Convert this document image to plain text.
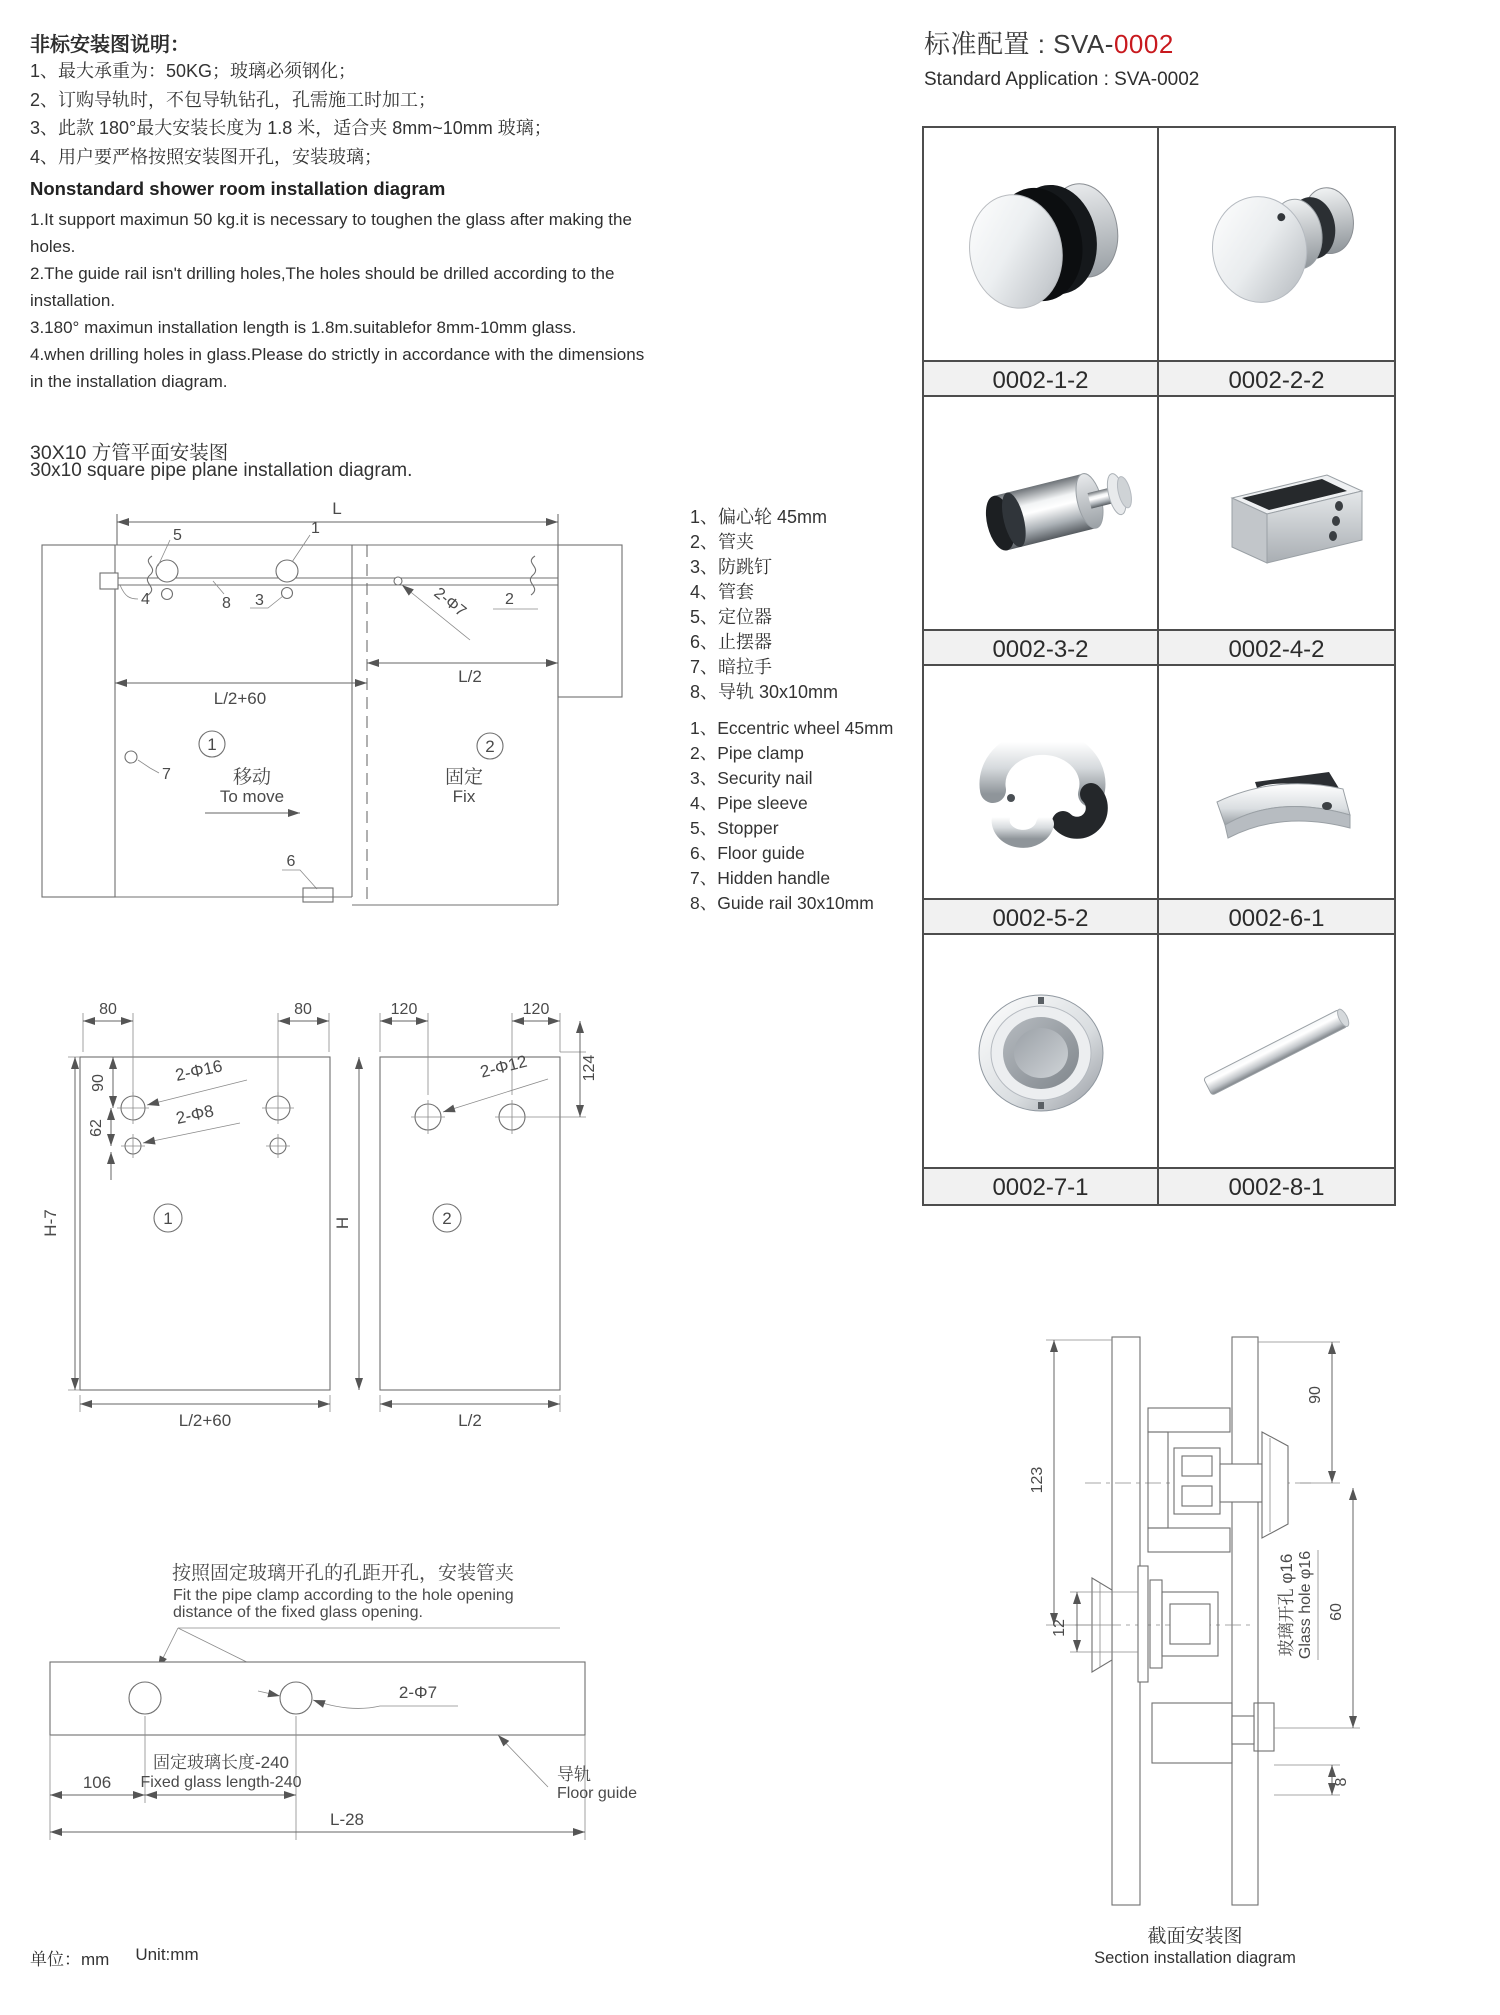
非标安装图说明：
1、最大承重为：50KG；玻璃必须钢化；
2、订购导轨时，不包导轨钻孔，孔需施工时加工；
3、此款 180°最大安装长度为 1.8 米，适合夹 8mm~10mm 玻璃；
4、用户要严格按照安装图开孔，安装玻璃；
Nonstandard shower room installation diagram
1.It support maximun 50 kg.it is necessary to toughen the glass after making the holes.
2.The guide rail isn't drilling holes,The holes should be drilled according to the installation.
3.180° maximun installation length is 1.8m.suitablefor 8mm-10mm glass.
4.when drilling holes in glass.Please do strictly in accordance with the dimensions in the installation diagram.
标准配置 : SVA-0002
Standard Application : SVA-0002
30X10 方管平面安装图
30x10 square pipe plane installation diagram.
L
L/2
L/2+60
5	1
4	8 3	2-Φ7 2
1
移动
To move
2
固定
Fix
7
6
1、偏心轮 45mm
2、管夹
3、防跳钉
4、管套
5、定位器
6、止摆器
7、暗拉手
8、导轨 30x10mm
1、Eccentric wheel 45mm
2、Pipe clamp
3、Security nail
4、Pipe sleeve
5、Stopper
6、Floor guide
7、Hidden handle
8、Guide rail 30x10mm
0002-1-2	0002-2-2
0002-3-2	0002-4-2
0002-5-2	0002-6-1
0002-7-1	0002-8-1
80	80
90
62
2-Φ16
2-Φ8
H-7	1
L/2+60
120	120
2-Φ12	124
H	2
L/2
按照固定玻璃开孔的孔距开孔，安装管夹
Fit the pipe clamp according to the hole opening
distance of the fixed glass opening.
2-Φ7
106
固定玻璃长度-240
Fixed glass length-240
L-28
导轨
Floor guide
123
12
90
60
8
玻璃开孔 φ16 Glass hole φ16
截面安装图
Section installation diagram
单位：mm Unit:mm
